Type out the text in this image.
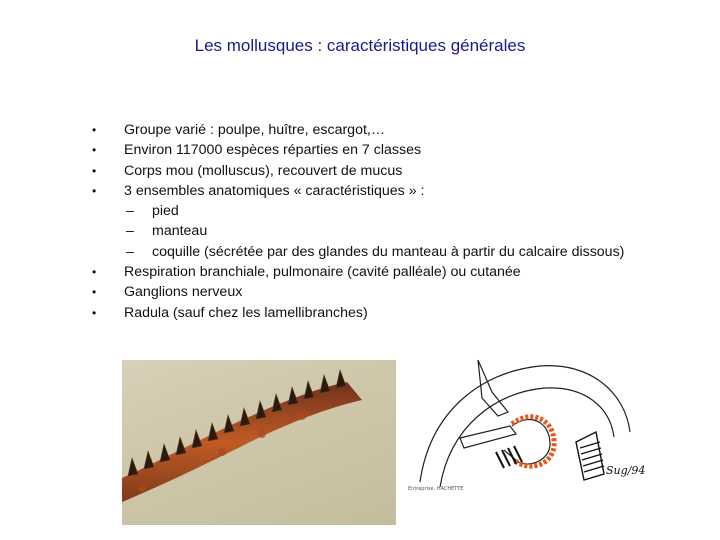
Les mollusques : caractéristiques générales
•	Groupe varié : poulpe, huître, escargot,…
•	Environ 117000 espèces réparties en 7 classes
•	Corps mou (molluscus), recouvert de mucus
•	3 ensembles anatomiques « caractéristiques » :
–	pied
–	manteau
–	coquille (sécrétée par des glandes du manteau à partir du calcaire dissous)
•	Respiration branchiale, pulmonaire (cavité palléale) ou cutanée
•	Ganglions nerveux
•	Radula (sauf chez les lamellibranches)
Sug/94
Entreprise, HACHETTE
